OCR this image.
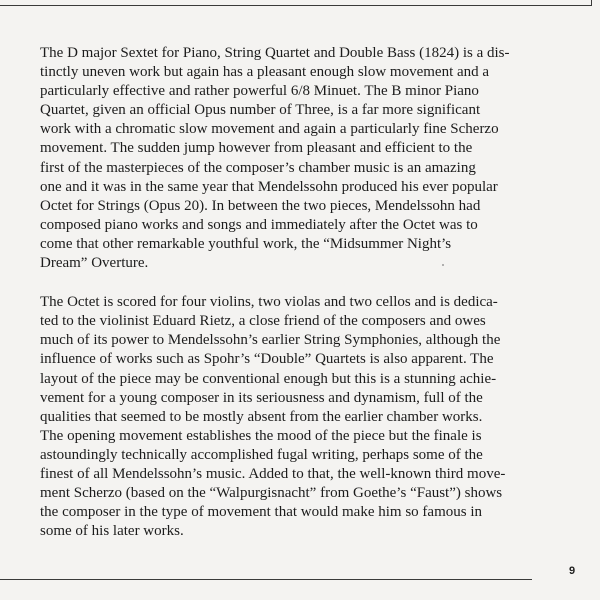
The D major Sextet for Piano, String Quartet and Double Bass (1824) is a dis-
tinctly uneven work but again has a pleasant enough slow movement and a
particularly effective and rather powerful 6/8 Minuet. The B minor Piano
Quartet, given an official Opus number of Three, is a far more significant
work with a chromatic slow movement and again a particularly fine Scherzo
movement. The sudden jump however from pleasant and efficient to the
first of the masterpieces of the composer’s chamber music is an amazing
one and it was in the same year that Mendelssohn produced his ever popular
Octet for Strings (Opus 20). In between the two pieces, Mendelssohn had
composed piano works and songs and immediately after the Octet was to
come that other remarkable youthful work, the “Midsummer Night’s
Dream” Overture.

The Octet is scored for four violins, two violas and two cellos and is dedica-
ted to the violinist Eduard Rietz, a close friend of the composers and owes
much of its power to Mendelssohn’s earlier String Symphonies, although the
influence of works such as Spohr’s “Double” Quartets is also apparent. The
layout of the piece may be conventional enough but this is a stunning achie-
vement for a young composer in its seriousness and dynamism, full of the
qualities that seemed to be mostly absent from the earlier chamber works.
The opening movement establishes the mood of the piece but the finale is
astoundingly technically accomplished fugal writing, perhaps some of the
finest of all Mendelssohn’s music. Added to that, the well-known third move-
ment Scherzo (based on the “Walpurgisnacht” from Goethe’s “Faust”) shows
the composer in the type of movement that would make him so famous in
some of his later works.

9
